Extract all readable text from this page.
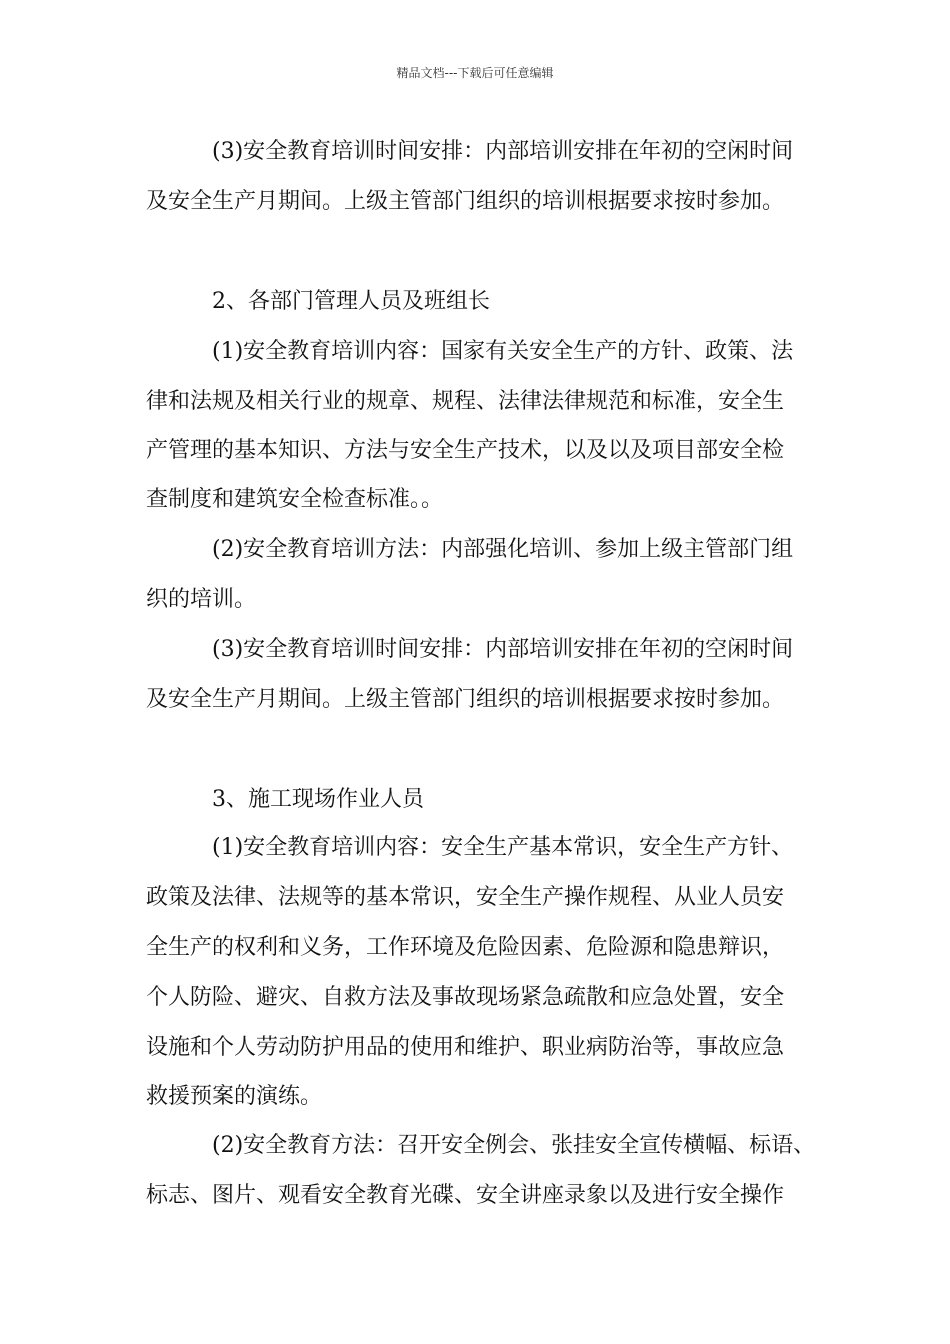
精品文档---下载后可任意编辑
(3)安全教育培训时间安排：内部培训安排在年初的空闲时间
及安全生产月期间。上级主管部门组织的培训根据要求按时参加。
2、各部门管理人员及班组长
(1)安全教育培训内容：国家有关安全生产的方针、政策、法
律和法规及相关行业的规章、规程、法律法律规范和标准，安全生
产管理的基本知识、方法与安全生产技术，以及以及项目部安全检
查制度和建筑安全检查标准。。
(2)安全教育培训方法：内部强化培训、参加上级主管部门组
织的培训。
(3)安全教育培训时间安排：内部培训安排在年初的空闲时间
及安全生产月期间。上级主管部门组织的培训根据要求按时参加。
3、施工现场作业人员
(1)安全教育培训内容：安全生产基本常识，安全生产方针、
政策及法律、法规等的基本常识，安全生产操作规程、从业人员安
全生产的权利和义务，工作环境及危险因素、危险源和隐患辩识，
个人防险、避灾、自救方法及事故现场紧急疏散和应急处置，安全
设施和个人劳动防护用品的使用和维护、职业病防治等，事故应急
救援预案的演练。
(2)安全教育方法：召开安全例会、张挂安全宣传横幅、标语、
标志、图片、观看安全教育光碟、安全讲座录象以及进行安全操作
